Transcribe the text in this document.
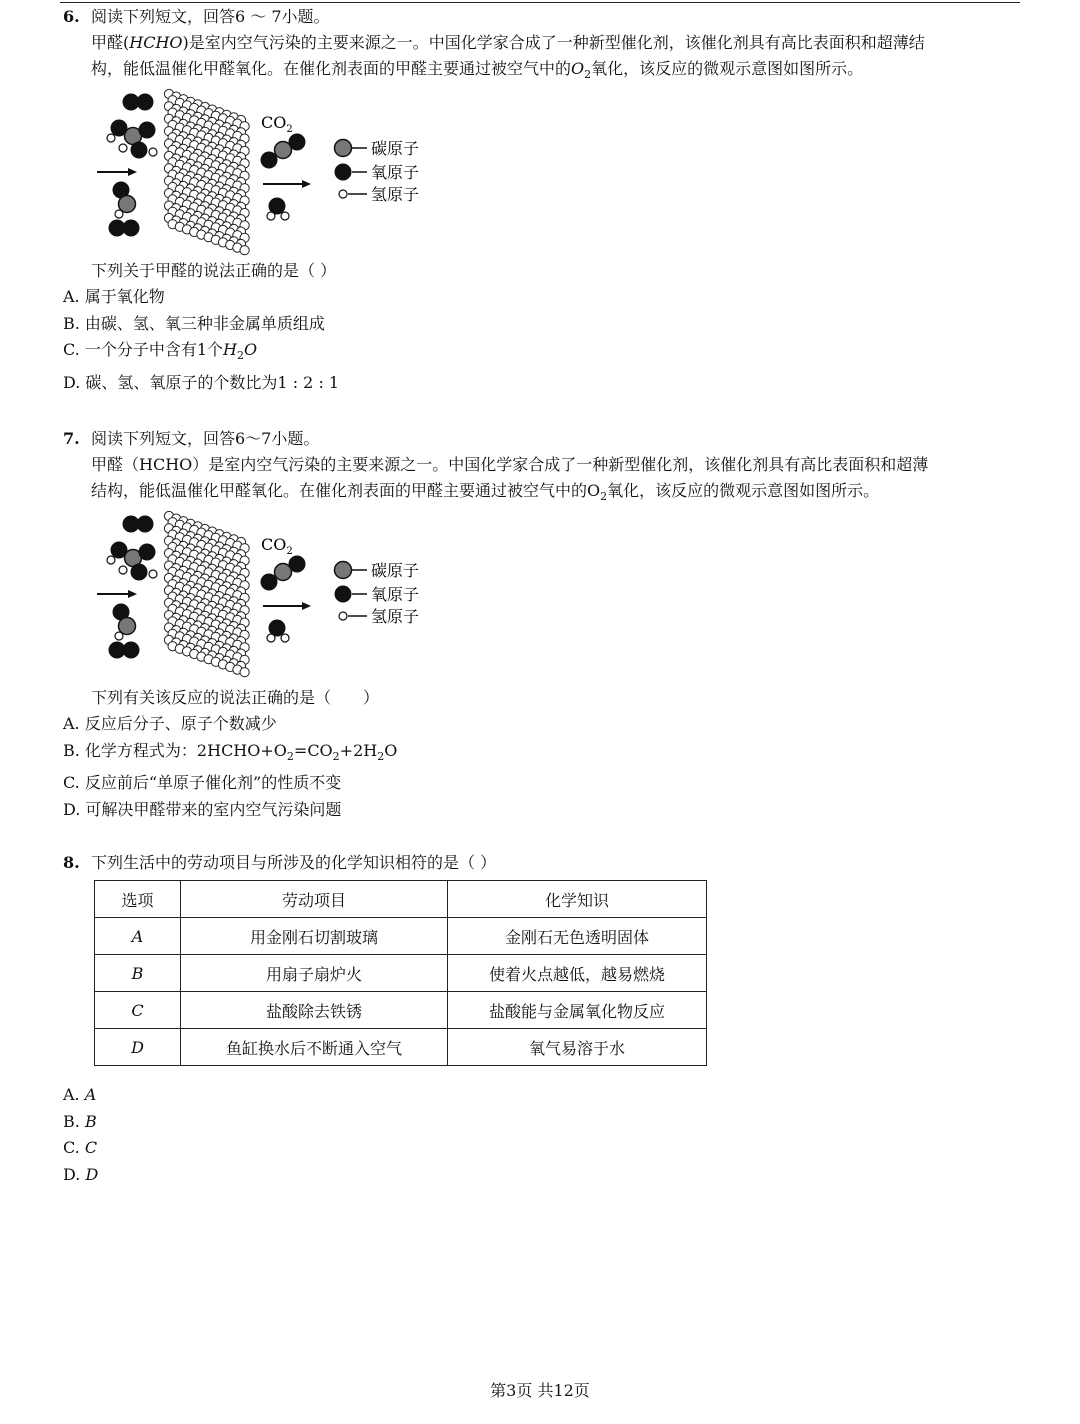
6. 阅读下列短文，回答6 ～ 7小题。
甲醛(HCHO)是室内空气污染的主要来源之一。中国化学家合成了一种新型催化剂，该催化剂具有高比表面积和超薄结
构，能低温催化甲醛氧化。在催化剂表面的甲醛主要通过被空气中的$O_2$氧化，该反应的微观示意图如图所示。
$CO_2$
碳原子
氧原子
氢原子
下列关于甲醛的说法正确的是（ ）
A. 属于氧化物
B. 由碳、氢、氧三种非金属单质组成
C. 一个分子中含有1个$H_2O$
D. 碳、氢、氧原子的个数比为1 : 2 : 1
7. 阅读下列短文，回答6～7小题。
甲醛（HCHO）是室内空气污染的主要来源之一。中国化学家合成了一种新型催化剂，该催化剂具有高比表面积和超薄
结构，能低温催化甲醛氧化。在催化剂表面的甲醛主要通过被空气中的$O_2$氧化，该反应的微观示意图如图所示。
$CO_2$
碳原子
氧原子
氢原子
下列有关该反应的说法正确的是（　　）
A. 反应后分子、原子个数减少
B. 化学方程式为：$2HCHO+O_2=CO_2+2H_2O$
C. 反应前后“单原子催化剂”的性质不变
D. 可解决甲醛带来的室内空气污染问题
8. 下列生活中的劳动项目与所涉及的化学知识相符的是（ ）
选项	劳动项目	化学知识
A	用金刚石切割玻璃	金刚石无色透明固体
B	用扇子扇炉火	使着火点越低，越易燃烧
C	盐酸除去铁锈	盐酸能与金属氧化物反应
D	鱼缸换水后不断通入空气	氧气易溶于水
A. A
B. B
C. C
D. D
第3页 共12页
